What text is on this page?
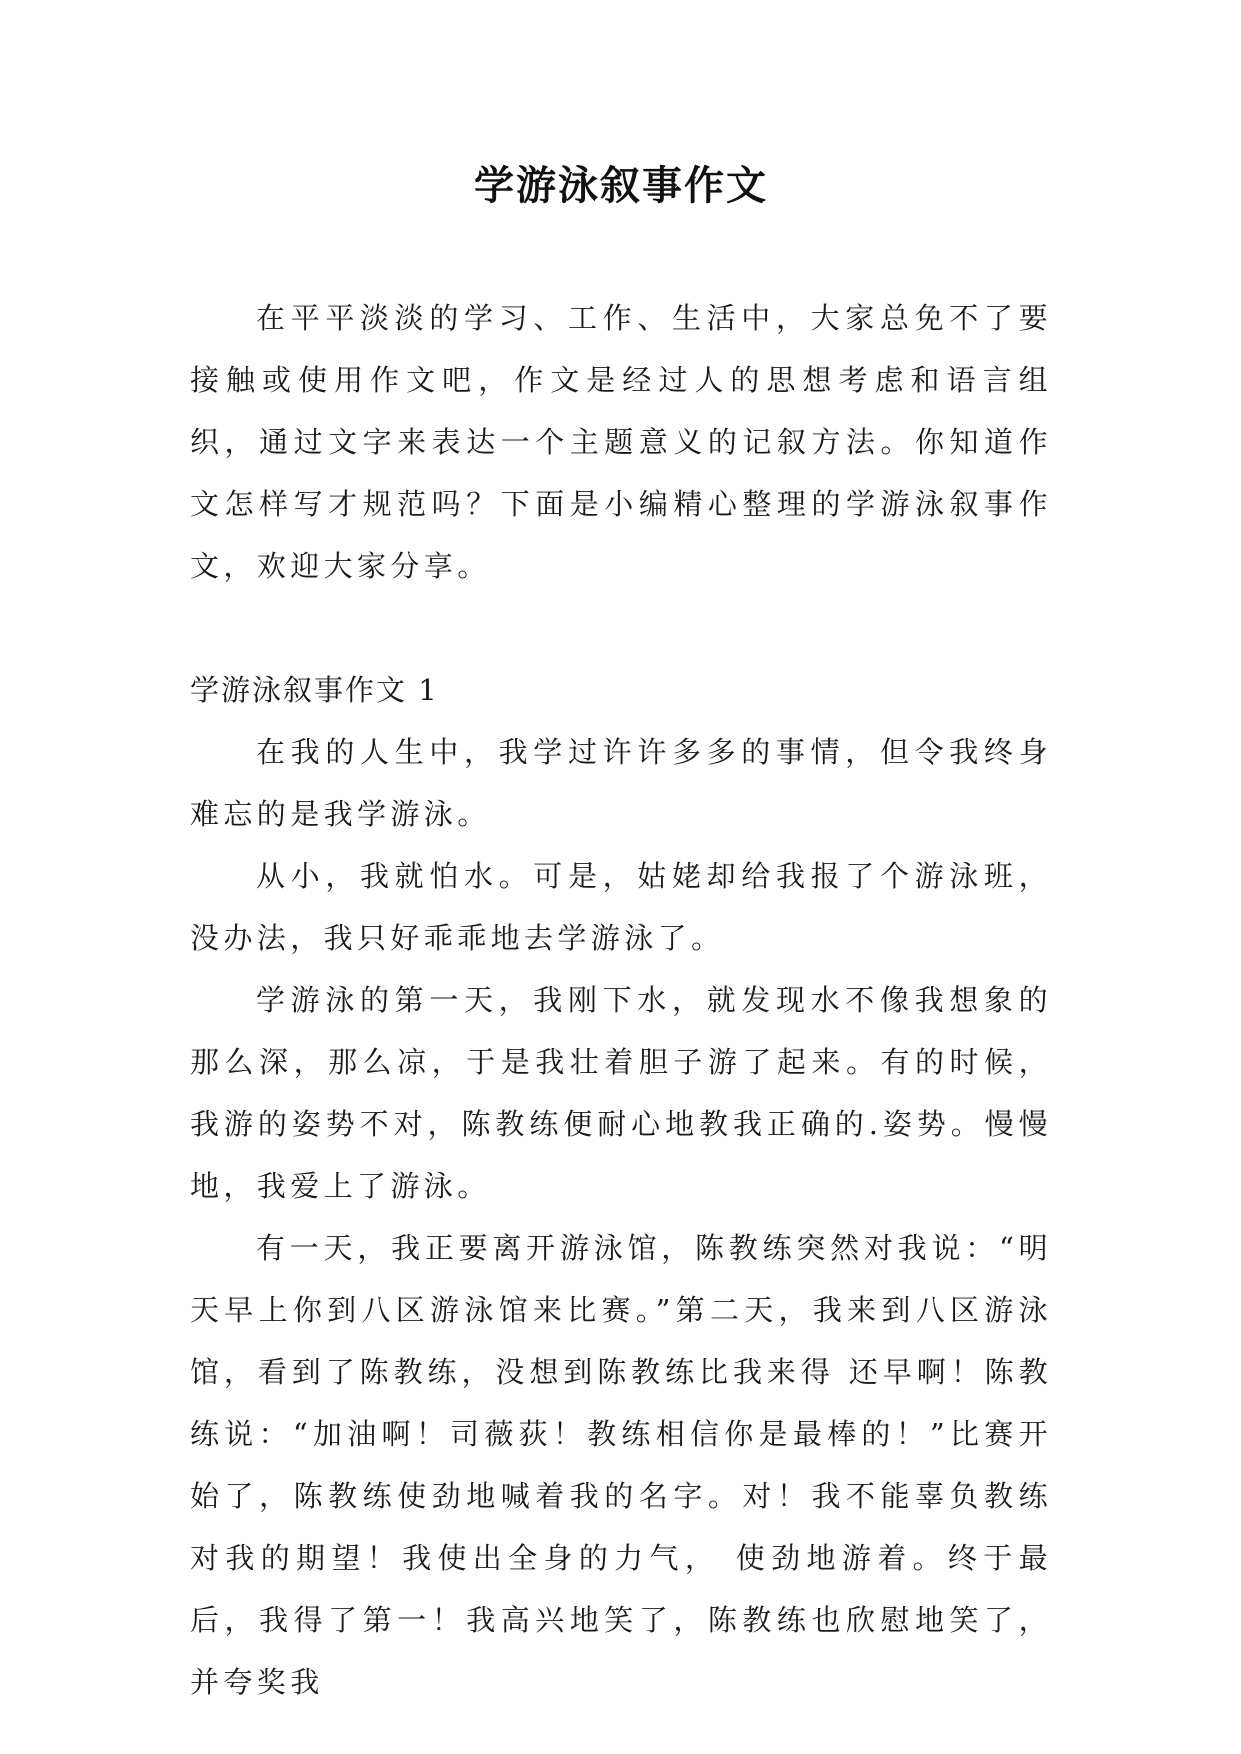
学游泳叙事作文

在平平淡淡的学习、工作、生活中，大家总免不了要接触或使用作文吧，作文是经过人的思想考虑和语言组织，通过文字来表达一个主题意义的记叙方法。你知道作文怎样写才规范吗？下面是小编精心整理的学游泳叙事作文，欢迎大家分享。

学游泳叙事作文 1

在我的人生中，我学过许许多多的事情，但令我终身难忘的是我学游泳。

从小，我就怕水。可是，姑姥却给我报了个游泳班，没办法，我只好乖乖地去学游泳了。

学游泳的第一天，我刚下水，就发现水不像我想象的那么深，那么凉，于是我壮着胆子游了起来。有的时候，我游的姿势不对，陈教练便耐心地教我正确的.姿势。慢慢地，我爱上了游泳。

有一天，我正要离开游泳馆，陈教练突然对我说：“明天早上你到八区游泳馆来比赛。”第二天，我来到八区游泳馆，看到了陈教练，没想到陈教练比我来得 还早啊！陈教练说：“加油啊！司薇荻！教练相信你是最棒的！”比赛开始了，陈教练使劲地喊着我的名字。对！我不能辜负教练对我的期望！我使出全身的力气， 使劲地游着。终于最后，我得了第一！我高兴地笑了，陈教练也欣慰地笑了，并夸奖我
